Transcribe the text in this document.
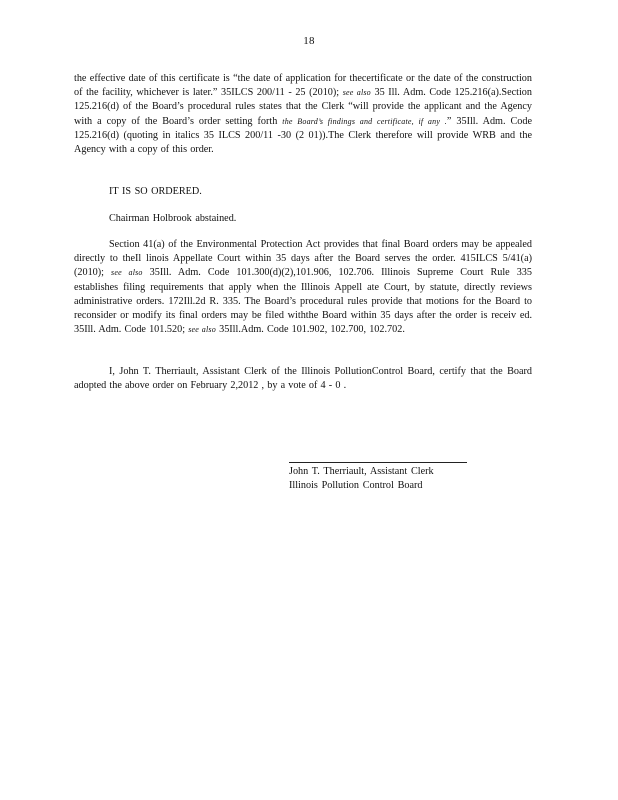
18

the effective date of this certificate is “the date of application for thecertificate or the date of the construction of the facility, whichever is later.” 35ILCS 200/11 - 25 (2010); see also 35 Ill. Adm. Code 125.216(a).Section 125.216(d) of the Board’s procedural rules states that the Clerk “will provide the applicant and the Agency with a copy of the Board’s order setting forth the Board’s findings and certificate, if any .” 35Ill. Adm. Code 125.216(d) (quoting in italics 35 ILCS 200/11 -30 (2 01)).The Clerk therefore will provide WRB and the Agency with a copy of this order.

IT IS SO ORDERED.

Chairman Holbrook abstained.

Section 41(a) of the Environmental Protection Act provides that final Board orders may be appealed directly to theIl linois Appellate Court within 35 days after the Board serves the order. 415ILCS 5/41(a) (2010); see also 35Ill. Adm. Code 101.300(d)(2),101.906, 102.706. Illinois Supreme Court Rule 335 establishes filing requirements that apply when the Illinois Appell ate Court, by statute, directly reviews administrative orders. 172Ill.2d R. 335. The Board’s procedural rules provide that motions for the Board to reconsider or modify its final orders may be filed withthe Board within 35 days after the order is receiv ed. 35Ill. Adm. Code 101.520; see also 35Ill.Adm. Code 101.902, 102.700, 102.702.

I, John T. Therriault, Assistant Clerk of the Illinois PollutionControl Board, certify that the Board adopted the above order on February 2,2012 , by a vote of 4 - 0 .

John T. Therriault, Assistant Clerk

Illinois Pollution Control Board
